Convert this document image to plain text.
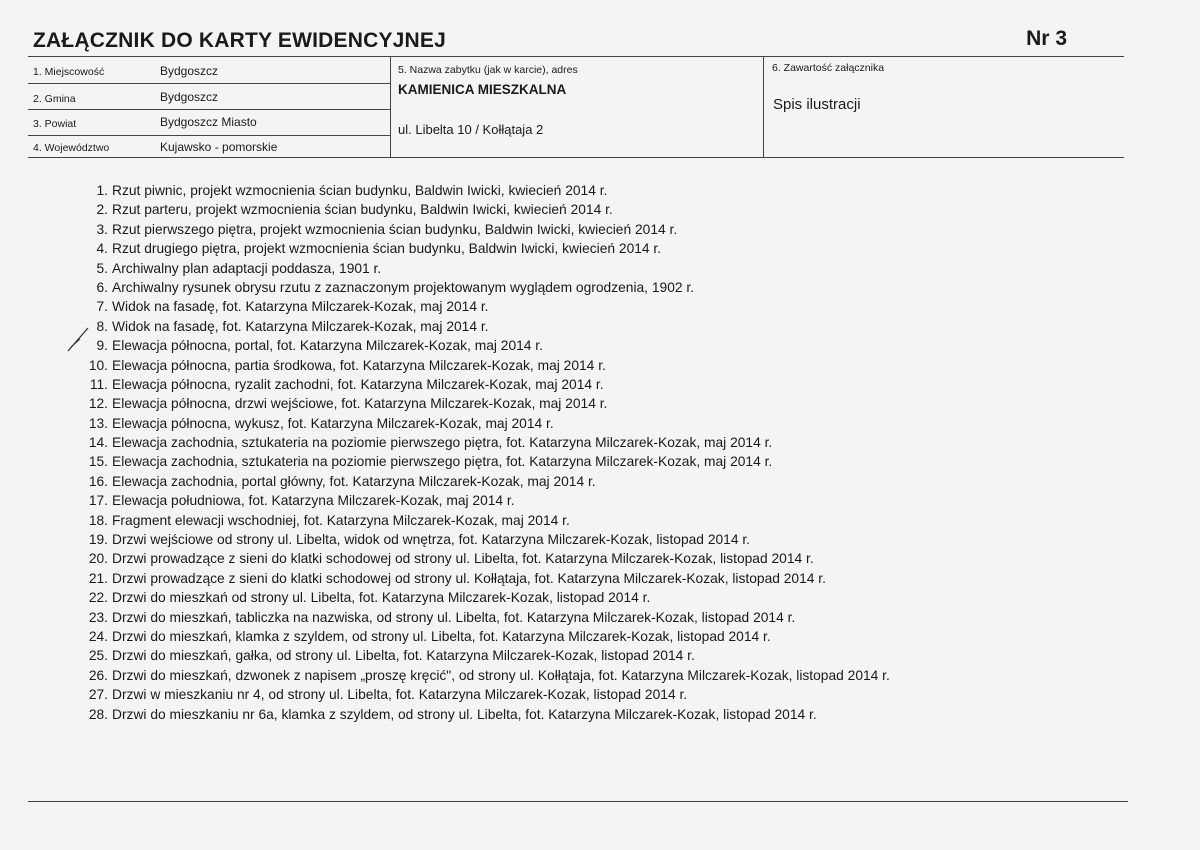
ZAŁĄCZNIK DO KARTY EWIDENCYJNEJ	Nr 3
1. Miejscowość	Bydgoszcz
2. Gmina	Bydgoszcz
3. Powiat	Bydgoszcz Miasto
4. Województwo	Kujawsko - pomorskie
5. Nazwa zabytku (jak w karcie), adres
KAMIENICA MIESZKALNA
ul. Libelta 10 / Kołłątaja 2
6. Zawartość załącznika
Spis ilustracji
1. Rzut piwnic, projekt wzmocnienia ścian budynku, Baldwin Iwicki, kwiecień 2014 r.
2. Rzut parteru, projekt wzmocnienia ścian budynku, Baldwin Iwicki, kwiecień 2014 r.
3. Rzut pierwszego piętra, projekt wzmocnienia ścian budynku, Baldwin Iwicki, kwiecień 2014 r.
4. Rzut drugiego piętra, projekt wzmocnienia ścian budynku, Baldwin Iwicki, kwiecień 2014 r.
5. Archiwalny plan adaptacji poddasza, 1901 r.
6. Archiwalny rysunek obrysu rzutu z zaznaczonym projektowanym wyglądem ogrodzenia, 1902 r.
7. Widok na fasadę, fot. Katarzyna Milczarek-Kozak, maj 2014 r.
8. Widok na fasadę, fot. Katarzyna Milczarek-Kozak, maj 2014 r.
9. Elewacja północna, portal, fot. Katarzyna Milczarek-Kozak, maj 2014 r.
10. Elewacja północna, partia środkowa, fot. Katarzyna Milczarek-Kozak, maj 2014 r.
11. Elewacja północna, ryzalit zachodni, fot. Katarzyna Milczarek-Kozak, maj 2014 r.
12. Elewacja północna, drzwi wejściowe, fot. Katarzyna Milczarek-Kozak, maj 2014 r.
13. Elewacja północna, wykusz, fot. Katarzyna Milczarek-Kozak, maj 2014 r.
14. Elewacja zachodnia, sztukateria na poziomie pierwszego piętra, fot. Katarzyna Milczarek-Kozak, maj 2014 r.
15. Elewacja zachodnia, sztukateria na poziomie pierwszego piętra, fot. Katarzyna Milczarek-Kozak, maj 2014 r.
16. Elewacja zachodnia, portal główny, fot. Katarzyna Milczarek-Kozak, maj 2014 r.
17. Elewacja południowa, fot. Katarzyna Milczarek-Kozak, maj 2014 r.
18. Fragment elewacji wschodniej, fot. Katarzyna Milczarek-Kozak, maj 2014 r.
19. Drzwi wejściowe od strony ul. Libelta, widok od wnętrza, fot. Katarzyna Milczarek-Kozak, listopad 2014 r.
20. Drzwi prowadzące z sieni do klatki schodowej od strony ul. Libelta, fot. Katarzyna Milczarek-Kozak, listopad 2014 r.
21. Drzwi prowadzące z sieni do klatki schodowej od strony ul. Kołłątaja, fot. Katarzyna Milczarek-Kozak, listopad 2014 r.
22. Drzwi do mieszkań od strony ul. Libelta, fot. Katarzyna Milczarek-Kozak, listopad 2014 r.
23. Drzwi do mieszkań, tabliczka na nazwiska, od strony ul. Libelta, fot. Katarzyna Milczarek-Kozak, listopad 2014 r.
24. Drzwi do mieszkań, klamka z szyldem, od strony ul. Libelta, fot. Katarzyna Milczarek-Kozak, listopad 2014 r.
25. Drzwi do mieszkań, gałka, od strony ul. Libelta, fot. Katarzyna Milczarek-Kozak, listopad 2014 r.
26. Drzwi do mieszkań, dzwonek z napisem „proszę kręcić", od strony ul. Kołłątaja, fot. Katarzyna Milczarek-Kozak, listopad 2014 r.
27. Drzwi w mieszkaniu nr 4, od strony ul. Libelta, fot. Katarzyna Milczarek-Kozak, listopad 2014 r.
28. Drzwi do mieszkaniu nr 6a, klamka z szyldem, od strony ul. Libelta, fot. Katarzyna Milczarek-Kozak, listopad 2014 r.
